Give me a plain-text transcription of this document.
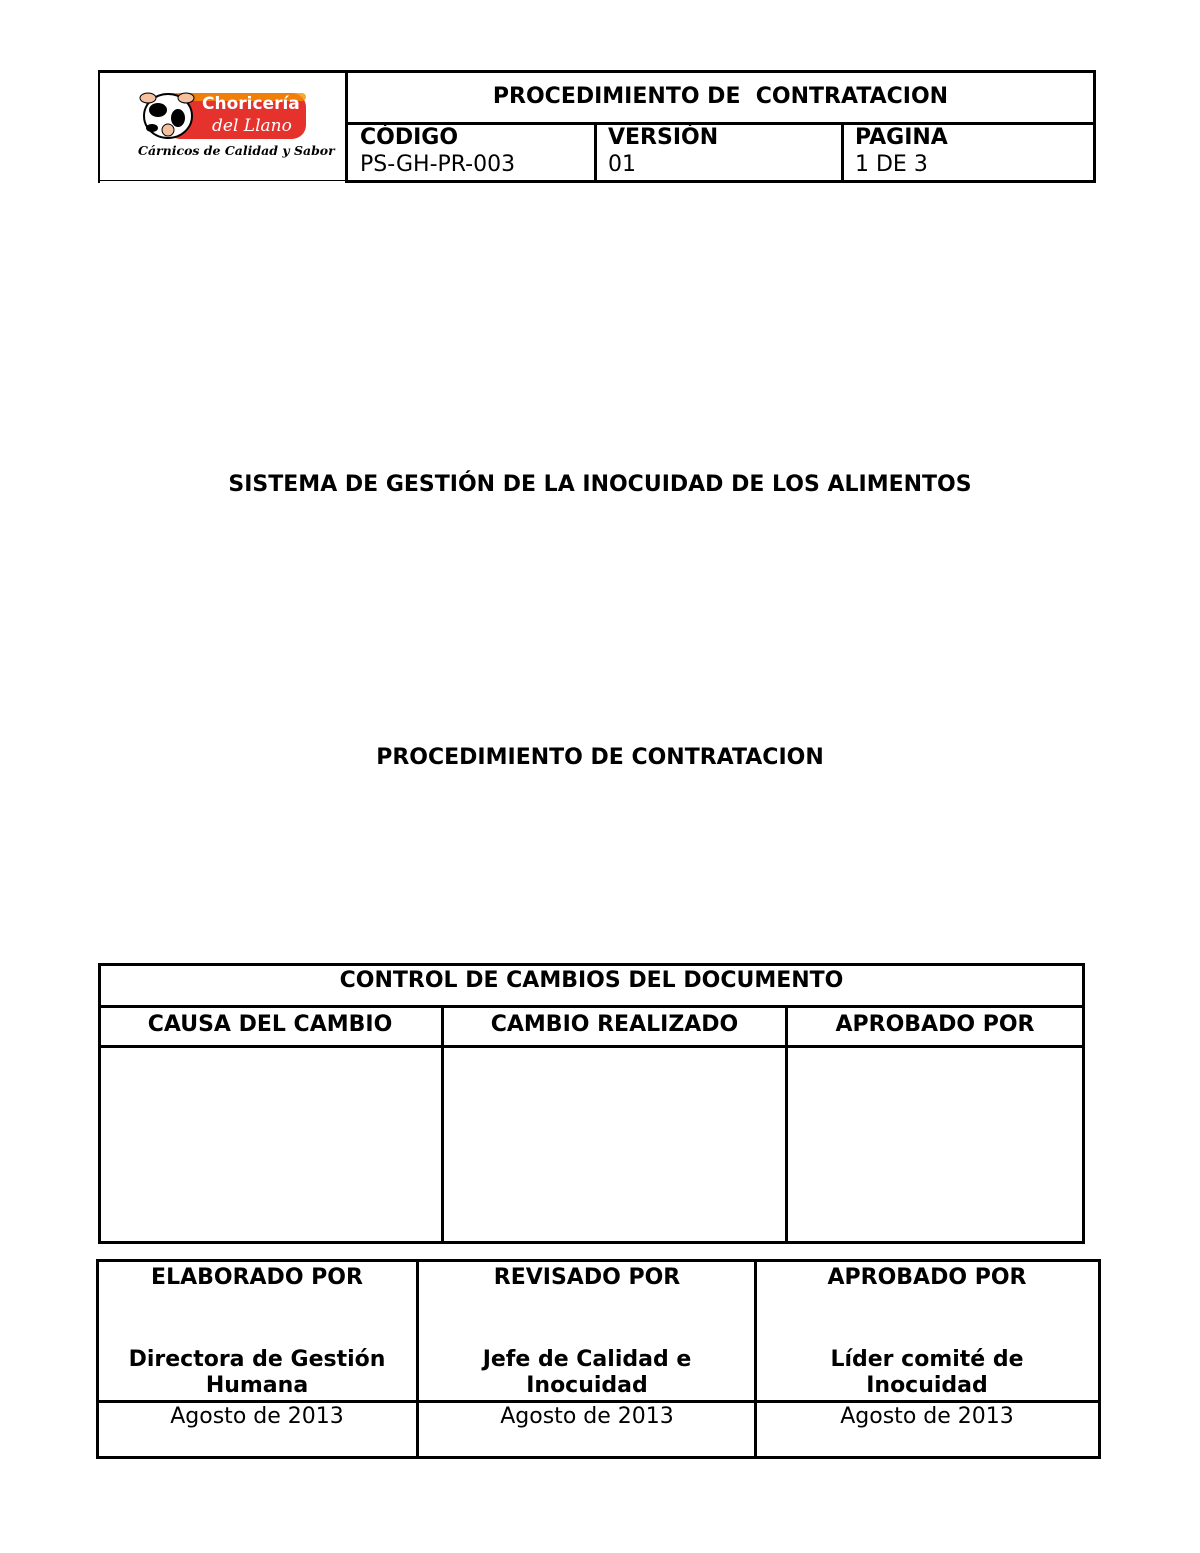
Choricería
del Llano
Cárnicos de Calidad y Sabor
PROCEDIMIENTO DE  CONTRATACION
CÓDIGO
PS-GH-PR-003
VERSIÓN
01
PAGINA
1 DE 3
SISTEMA DE GESTIÓN DE LA INOCUIDAD DE LOS ALIMENTOS
PROCEDIMIENTO DE CONTRATACION
CONTROL DE CAMBIOS DEL DOCUMENTO
CAUSA DEL CAMBIO	CAMBIO REALIZADO	APROBADO POR
ELABORADO POR
Directora de Gestión
Humana
Agosto de 2013
REVISADO POR
Jefe de Calidad e
Inocuidad
Agosto de 2013
APROBADO POR
Líder comité de
Inocuidad
Agosto de 2013
